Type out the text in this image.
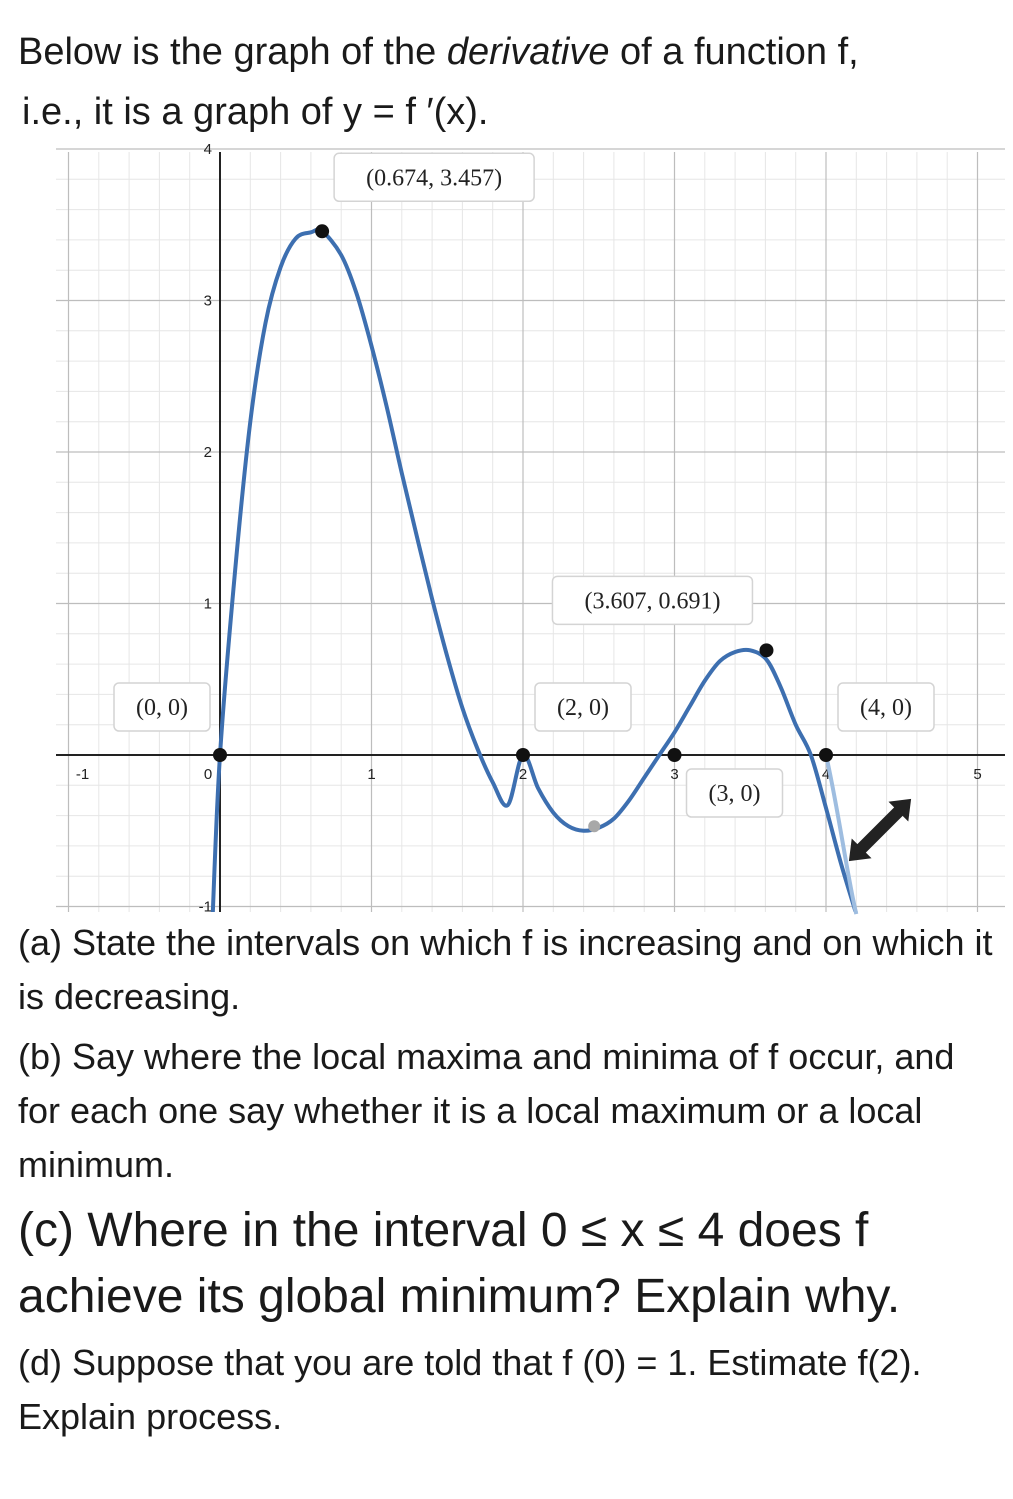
Below is the graph of the derivative of a function f,
i.e., it is a graph of y = f ′(x).
-1	0	1	2	3	4	5
-1
1
2
3
4
(0, 0)
(0.674, 3.457)
(2, 0)
(3, 0)
(3.607, 0.691)
(4, 0)
(a) State the intervals on which f is increasing and on which it is decreasing.
(b) Say where the local maxima and minima of f occur, and for each one say whether it is a local maximum or a local minimum.
(c) Where in the interval 0 ≤ x ≤ 4 does f achieve its global minimum? Explain why.
(d) Suppose that you are told that f (0) = 1. Estimate f(2). Explain process.
